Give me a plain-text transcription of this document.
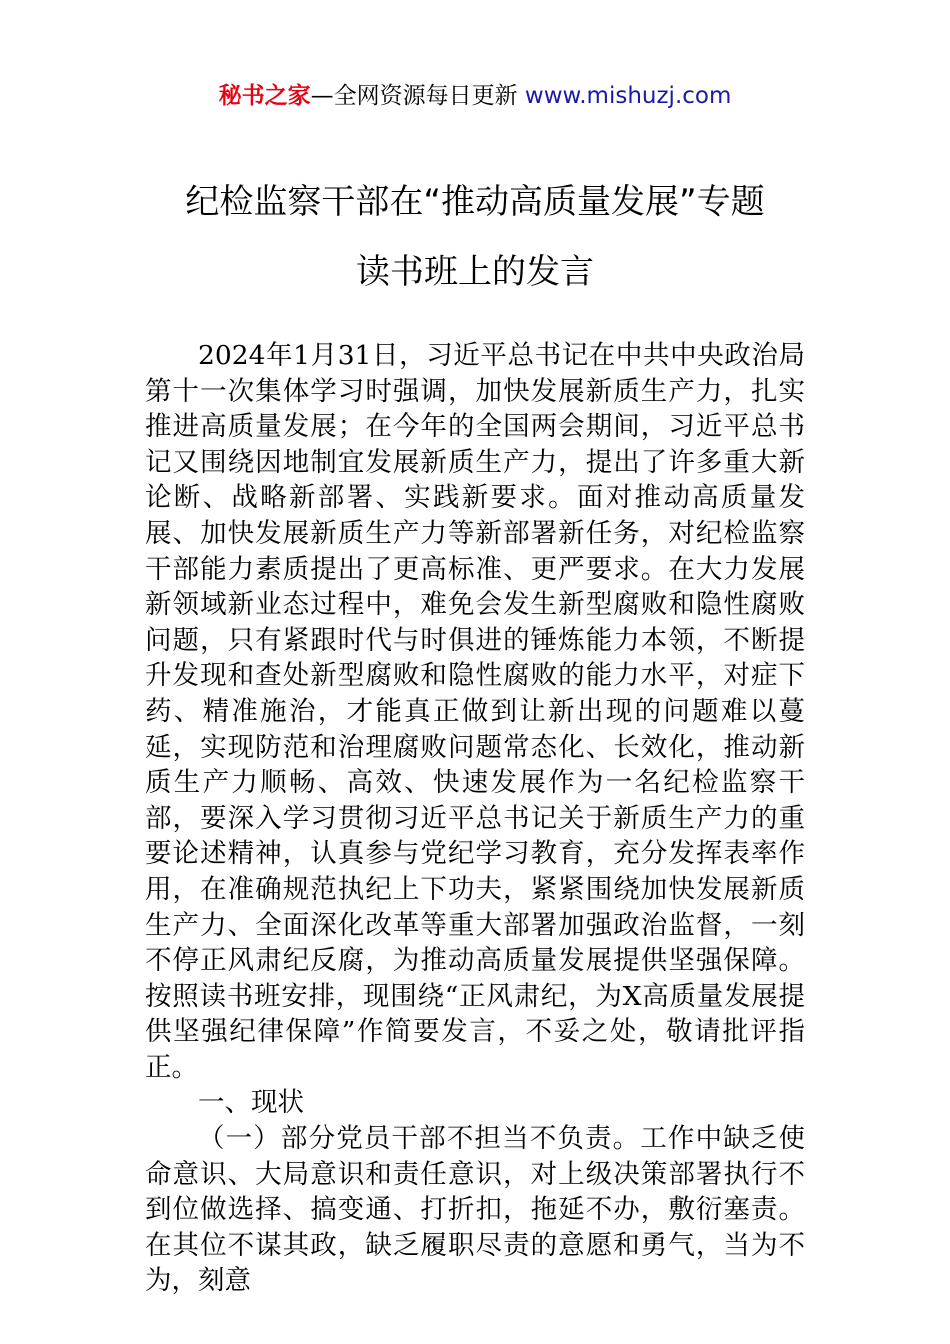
秘书之家—全网资源每日更新 www.mishuzj.com
纪检监察干部在“推动高质量发展”专题
读书班上的发言

2024年1月31日，习近平总书记在中共中央政治局第十一次集体学习时强调，加快发展新质生产力，扎实推进高质量发展；在今年的全国两会期间，习近平总书记又围绕因地制宜发展新质生产力，提出了许多重大新论断、战略新部署、实践新要求。面对推动高质量发展、加快发展新质生产力等新部署新任务，对纪检监察干部能力素质提出了更高标准、更严要求。在大力发展新领域新业态过程中，难免会发生新型腐败和隐性腐败问题，只有紧跟时代与时俱进的锤炼能力本领，不断提升发现和查处新型腐败和隐性腐败的能力水平，对症下药、精准施治，才能真正做到让新出现的问题难以蔓延，实现防范和治理腐败问题常态化、长效化，推动新质生产力顺畅、高效、快速发展作为一名纪检监察干部，要深入学习贯彻习近平总书记关于新质生产力的重要论述精神，认真参与党纪学习教育，充分发挥表率作用，在准确规范执纪上下功夫，紧紧围绕加快发展新质生产力、全面深化改革等重大部署加强政治监督，一刻不停正风肃纪反腐，为推动高质量发展提供坚强保障。按照读书班安排，现围绕“正风肃纪，为X高质量发展提供坚强纪律保障”作简要发言，不妥之处，敬请批评指正。

一、现状

（一）部分党员干部不担当不负责。工作中缺乏使命意识、大局意识和责任意识，对上级决策部署执行不到位做选择、搞变通、打折扣，拖延不办，敷衍塞责。在其位不谋其政，缺乏履职尽责的意愿和勇气，当为不为，刻意
